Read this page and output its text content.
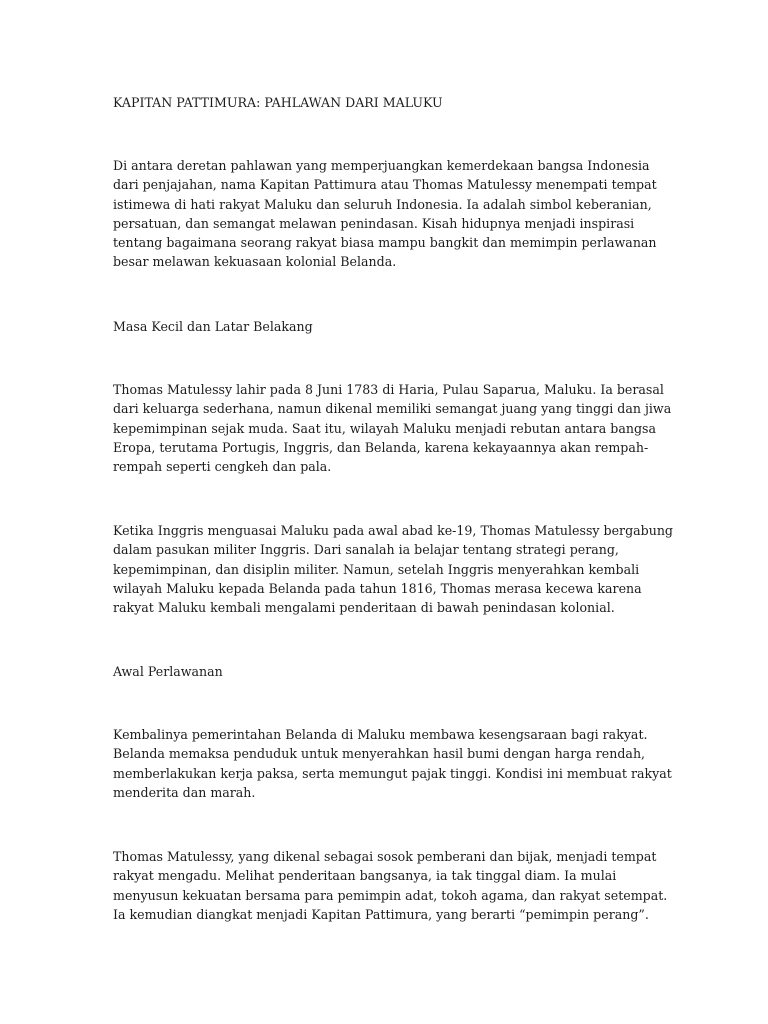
KAPITAN PATTIMURA: PAHLAWAN DARI MALUKU

Di antara deretan pahlawan yang memperjuangkan kemerdekaan bangsa Indonesia dari penjajahan, nama Kapitan Pattimura atau Thomas Matulessy menempati tempat istimewa di hati rakyat Maluku dan seluruh Indonesia. Ia adalah simbol keberanian, persatuan, dan semangat melawan penindasan. Kisah hidupnya menjadi inspirasi tentang bagaimana seorang rakyat biasa mampu bangkit dan memimpin perlawanan besar melawan kekuasaan kolonial Belanda.

Masa Kecil dan Latar Belakang

Thomas Matulessy lahir pada 8 Juni 1783 di Haria, Pulau Saparua, Maluku. Ia berasal dari keluarga sederhana, namun dikenal memiliki semangat juang yang tinggi dan jiwa kepemimpinan sejak muda. Saat itu, wilayah Maluku menjadi rebutan antara bangsa Eropa, terutama Portugis, Inggris, dan Belanda, karena kekayaannya akan rempah-rempah seperti cengkeh dan pala.

Ketika Inggris menguasai Maluku pada awal abad ke-19, Thomas Matulessy bergabung dalam pasukan militer Inggris. Dari sanalah ia belajar tentang strategi perang, kepemimpinan, dan disiplin militer. Namun, setelah Inggris menyerahkan kembali wilayah Maluku kepada Belanda pada tahun 1816, Thomas merasa kecewa karena rakyat Maluku kembali mengalami penderitaan di bawah penindasan kolonial.

Awal Perlawanan

Kembalinya pemerintahan Belanda di Maluku membawa kesengsaraan bagi rakyat. Belanda memaksa penduduk untuk menyerahkan hasil bumi dengan harga rendah, memberlakukan kerja paksa, serta memungut pajak tinggi. Kondisi ini membuat rakyat menderita dan marah.

Thomas Matulessy, yang dikenal sebagai sosok pemberani dan bijak, menjadi tempat rakyat mengadu. Melihat penderitaan bangsanya, ia tak tinggal diam. Ia mulai menyusun kekuatan bersama para pemimpin adat, tokoh agama, dan rakyat setempat. Ia kemudian diangkat menjadi Kapitan Pattimura, yang berarti “pemimpin perang”.
